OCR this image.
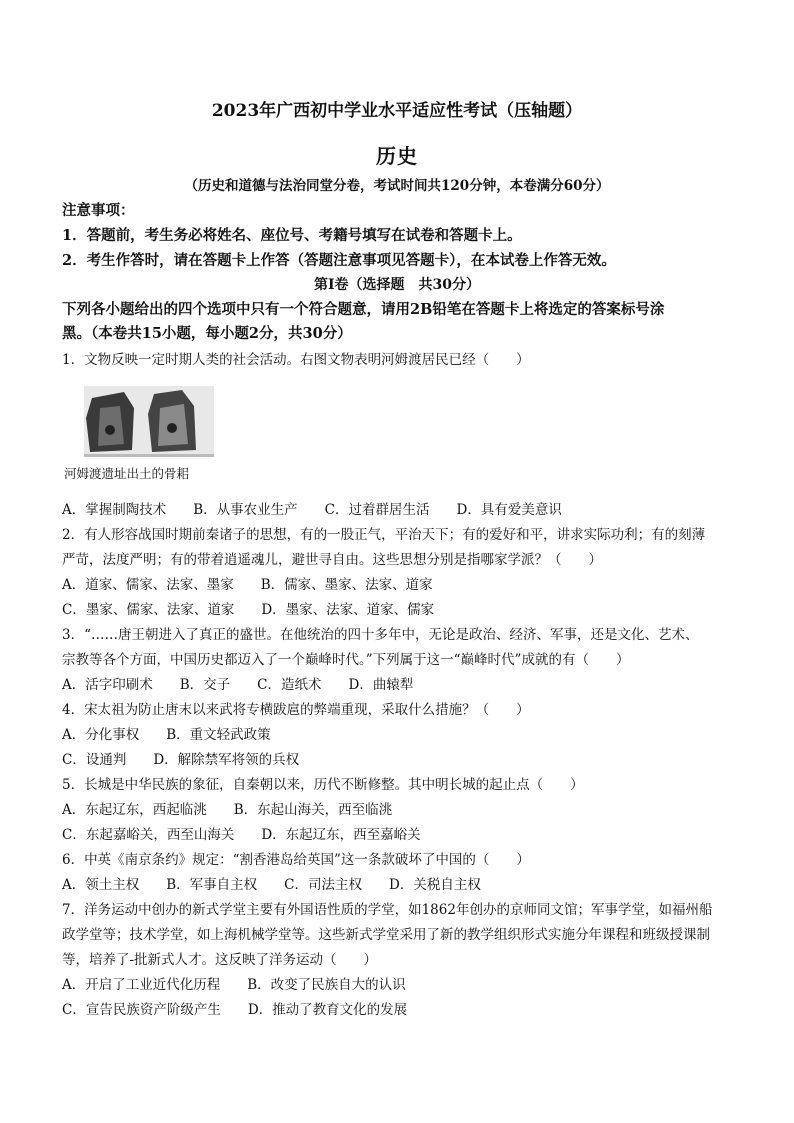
2023年广西初中学业水平适应性考试（压轴题）
历史
（历史和道德与法治同堂分卷，考试时间共120分钟，本卷满分60分）
注意事项：
1．答题前，考生务必将姓名、座位号、考籍号填写在试卷和答题卡上。
2．考生作答时，请在答题卡上作答（答题注意事项见答题卡），在本试卷上作答无效。
第Ⅰ卷（选择题　共30分）
下列各小题给出的四个选项中只有一个符合题意，请用2B铅笔在答题卡上将选定的答案标号涂
黑。（本卷共15小题，每小题2分，共30分）
1．文物反映一定时期人类的社会活动。右图文物表明河姆渡居民已经（　　）
河姆渡遗址出土的骨耜
A．掌握制陶技术　　B．从事农业生产　　C．过着群居生活　　D．具有爱美意识
2．有人形容战国时期前秦诸子的思想，有的一股正气，平治天下；有的爱好和平，讲求实际功利；有的刻薄
严苛，法度严明；有的带着逍遥魂儿，避世寻自由。这些思想分别是指哪家学派？（　　）
A．道家、儒家、法家、墨家　　B．儒家、墨家、法家、道家
C．墨家、儒家、法家、道家　　D．墨家、法家、道家、儒家
3．“……唐王朝进入了真正的盛世。在他统治的四十多年中，无论是政治、经济、军事，还是文化、艺术、
宗教等各个方面，中国历史都迈入了一个巅峰时代。”下列属于这一“巅峰时代”成就的有（　　）
A．活字印刷术　　B．交子　　C．造纸术　　D．曲辕犁
4．宋太祖为防止唐末以来武将专横跋扈的弊端重现，采取什么措施？（　　）
A．分化事权　　B．重文轻武政策
C．设通判　　D．解除禁军将领的兵权
5．长城是中华民族的象征，自秦朝以来，历代不断修整。其中明长城的起止点（　　）
A．东起辽东，西起临洮　　B．东起山海关，西至临洮
C．东起嘉峪关，西至山海关　　D．东起辽东，西至嘉峪关
6．中英《南京条约》规定：“割香港岛给英国”这一条款破坏了中国的（　　）
A．领土主权　　B．军事自主权　　C．司法主权　　D．关税自主权
7．洋务运动中创办的新式学堂主要有外国语性质的学堂，如1862年创办的京师同文馆；军事学堂，如福州船
政学堂等；技术学堂，如上海机械学堂等。这些新式学堂采用了新的教学组织形式实施分年课程和班级授课制
等，培养了-批新式人才。这反映了洋务运动（　　）
A．开启了工业近代化历程　　B．改变了民族自大的认识
C．宣告民族资产阶级产生　　D．推动了教育文化的发展
